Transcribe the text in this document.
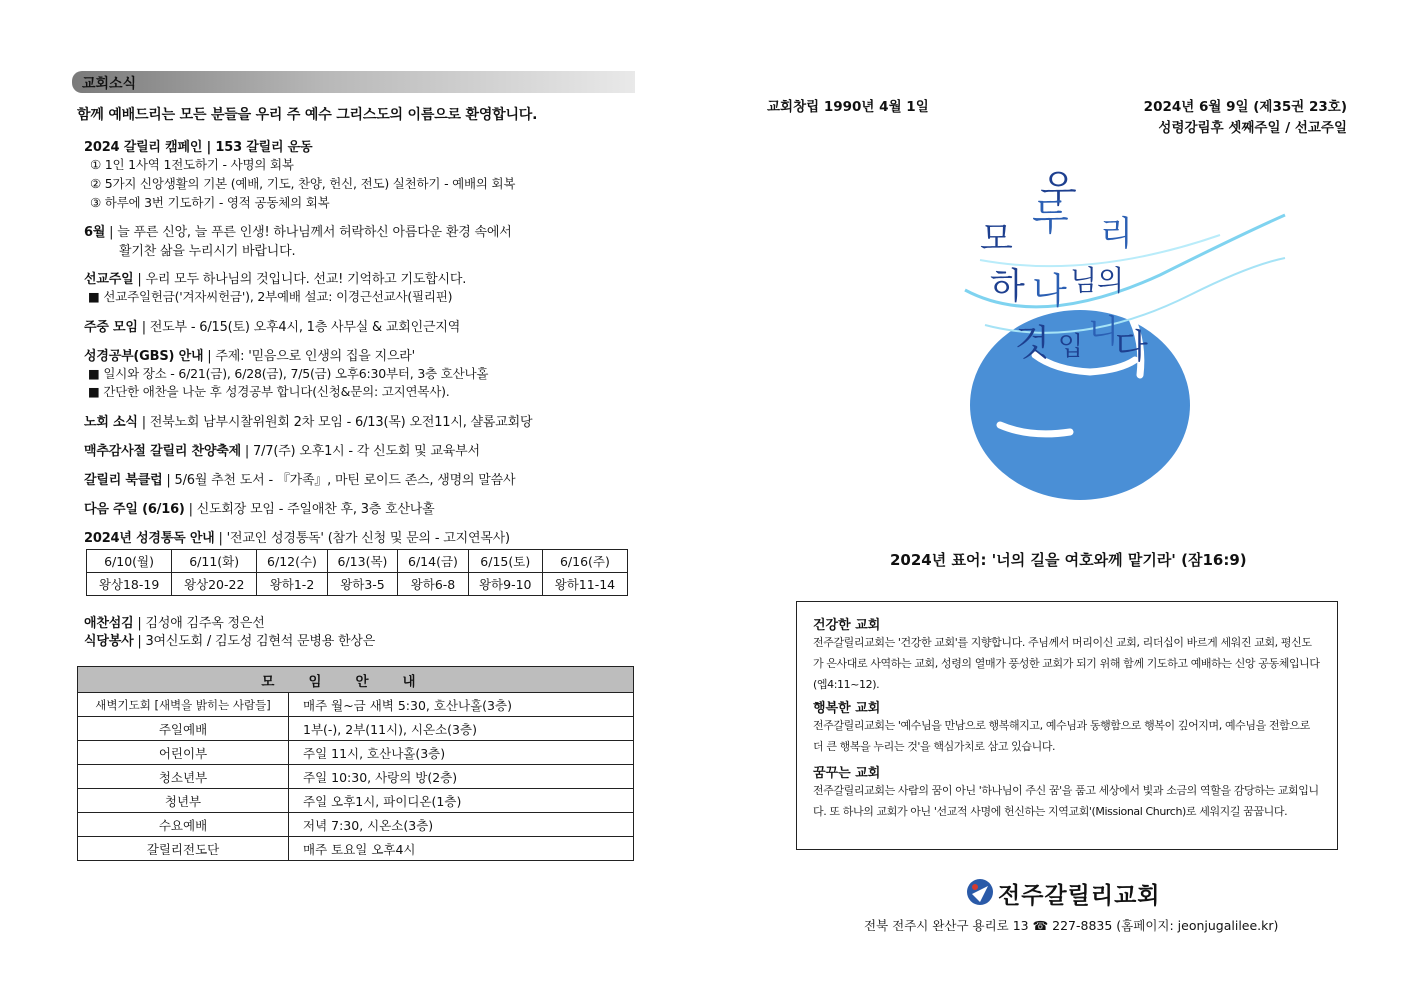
교회소식
함께 예배드리는 모든 분들을 우리 주 예수 그리스도의 이름으로 환영합니다.
2024 갈릴리 캠페인 | 153 갈릴리 운동
① 1인 1사역 1전도하기 - 사명의 회복
② 5가지 신앙생활의 기본 (예배, 기도, 찬양, 헌신, 전도) 실천하기 - 예배의 회복
③ 하루에 3번 기도하기 - 영적 공동체의 회복
6월 | 늘 푸른 신앙, 늘 푸른 인생! 하나님께서 허락하신 아름다운 환경 속에서
활기찬 삶을 누리시기 바랍니다.
선교주일 | 우리 모두 하나님의 것입니다. 선교! 기억하고 기도합시다.
■ 선교주일헌금('겨자씨헌금'), 2부예배 설교: 이경근선교사(필리핀)
주중 모임 | 전도부 - 6/15(토) 오후4시, 1층 사무실 & 교회인근지역
성경공부(GBS) 안내 | 주제: '믿음으로 인생의 집을 지으라'
■ 일시와 장소 - 6/21(금), 6/28(금), 7/5(금) 오후6:30부터, 3층 호산나홀
■ 간단한 애찬을 나눈 후 성경공부 합니다(신청&문의: 고지연목사).
노회 소식 | 전북노회 남부시찰위원회 2차 모임 - 6/13(목) 오전11시, 샬롬교회당
맥추감사절 갈릴리 찬양축제 | 7/7(주) 오후1시 - 각 신도회 및 교육부서
갈릴리 북클럽 | 5/6월 추천 도서 - 『가족』, 마틴 로이드 존스, 생명의 말씀사
다음 주일 (6/16) | 신도회장 모임 - 주일애찬 후, 3층 호산나홀
2024년 성경통독 안내 | '전교인 성경통독' (참가 신청 및 문의 - 고지연목사)
6/10(월)	6/11(화)	6/12(수)	6/13(목)	6/14(금)	6/15(토)	6/16(주)
왕상18-19	왕상20-22	왕하1-2	왕하3-5	왕하6-8	왕하9-10	왕하11-14
애찬섬김 | 김성애 김주옥 정은선
식당봉사 | 3여신도회 / 김도성 김현석 문병용 한상은
모임안내	
새벽기도회 [새벽을 밝히는 사람들]	매주 월~금 새벽 5:30, 호산나홀(3층)
주일예배	1부(-), 2부(11시), 시온소(3층)
어린이부	주일 11시, 호산나홀(3층)
청소년부	주일 10:30, 사랑의 방(2층)
청년부	주일 오후1시, 파이디온(1층)
수요예배	저녁 7:30, 시온소(3층)
갈릴리전도단	매주 토요일 오후4시
교회창립 1990년 4월 1일	2024년 6월 9일 (제35권 23호)
성령강림후 셋째주일 / 선교주일
우
리
모 두
님의
하 나
것 입 니
다
2024년 표어: '너의 길을 여호와께 맡기라' (잠16:9)
건강한 교회
전주갈릴리교회는 '건강한 교회'를 지향합니다. 주님께서 머리이신 교회, 리더십이 바르게 세워진 교회, 평신도가 은사대로 사역하는 교회, 성령의 열매가 풍성한 교회가 되기 위해 함께 기도하고 예배하는 신앙 공동체입니다(엡4:11~12).
행복한 교회
전주갈릴리교회는 '예수님을 만남으로 행복해지고, 예수님과 동행함으로 행복이 깊어지며, 예수님을 전함으로 더 큰 행복을 누리는 것'을 핵심가치로 삼고 있습니다.
꿈꾸는 교회
전주갈릴리교회는 사람의 꿈이 아닌 '하나님이 주신 꿈'을 품고 세상에서 빛과 소금의 역할을 감당하는 교회입니다. 또 하나의 교회가 아닌 '선교적 사명에 헌신하는 지역교회'(Missional Church)로 세워지길 꿈꿉니다.
전주갈릴리교회
전북 전주시 완산구 용리로 13 ☎ 227-8835 (홈페이지: jeonjugalilee.kr)
